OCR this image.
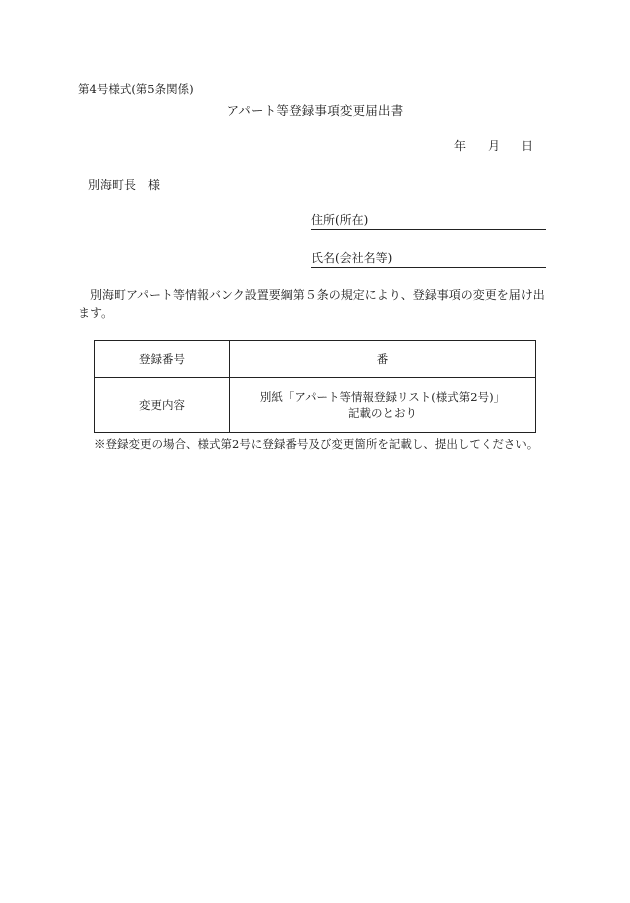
第4号様式(第5条関係)
アパート等登録事項変更届出書
年 月 日
別海町長　様
住所(所在)
氏名(会社名等)
別海町アパート等情報バンク設置要綱第５条の規定により、登録事項の変更を届け出ます。
登録番号	番
変更内容	別紙「アパート等情報登録リスト(様式第2号)」
記載のとおり
※登録変更の場合、様式第2号に登録番号及び変更箇所を記載し、提出してください。
